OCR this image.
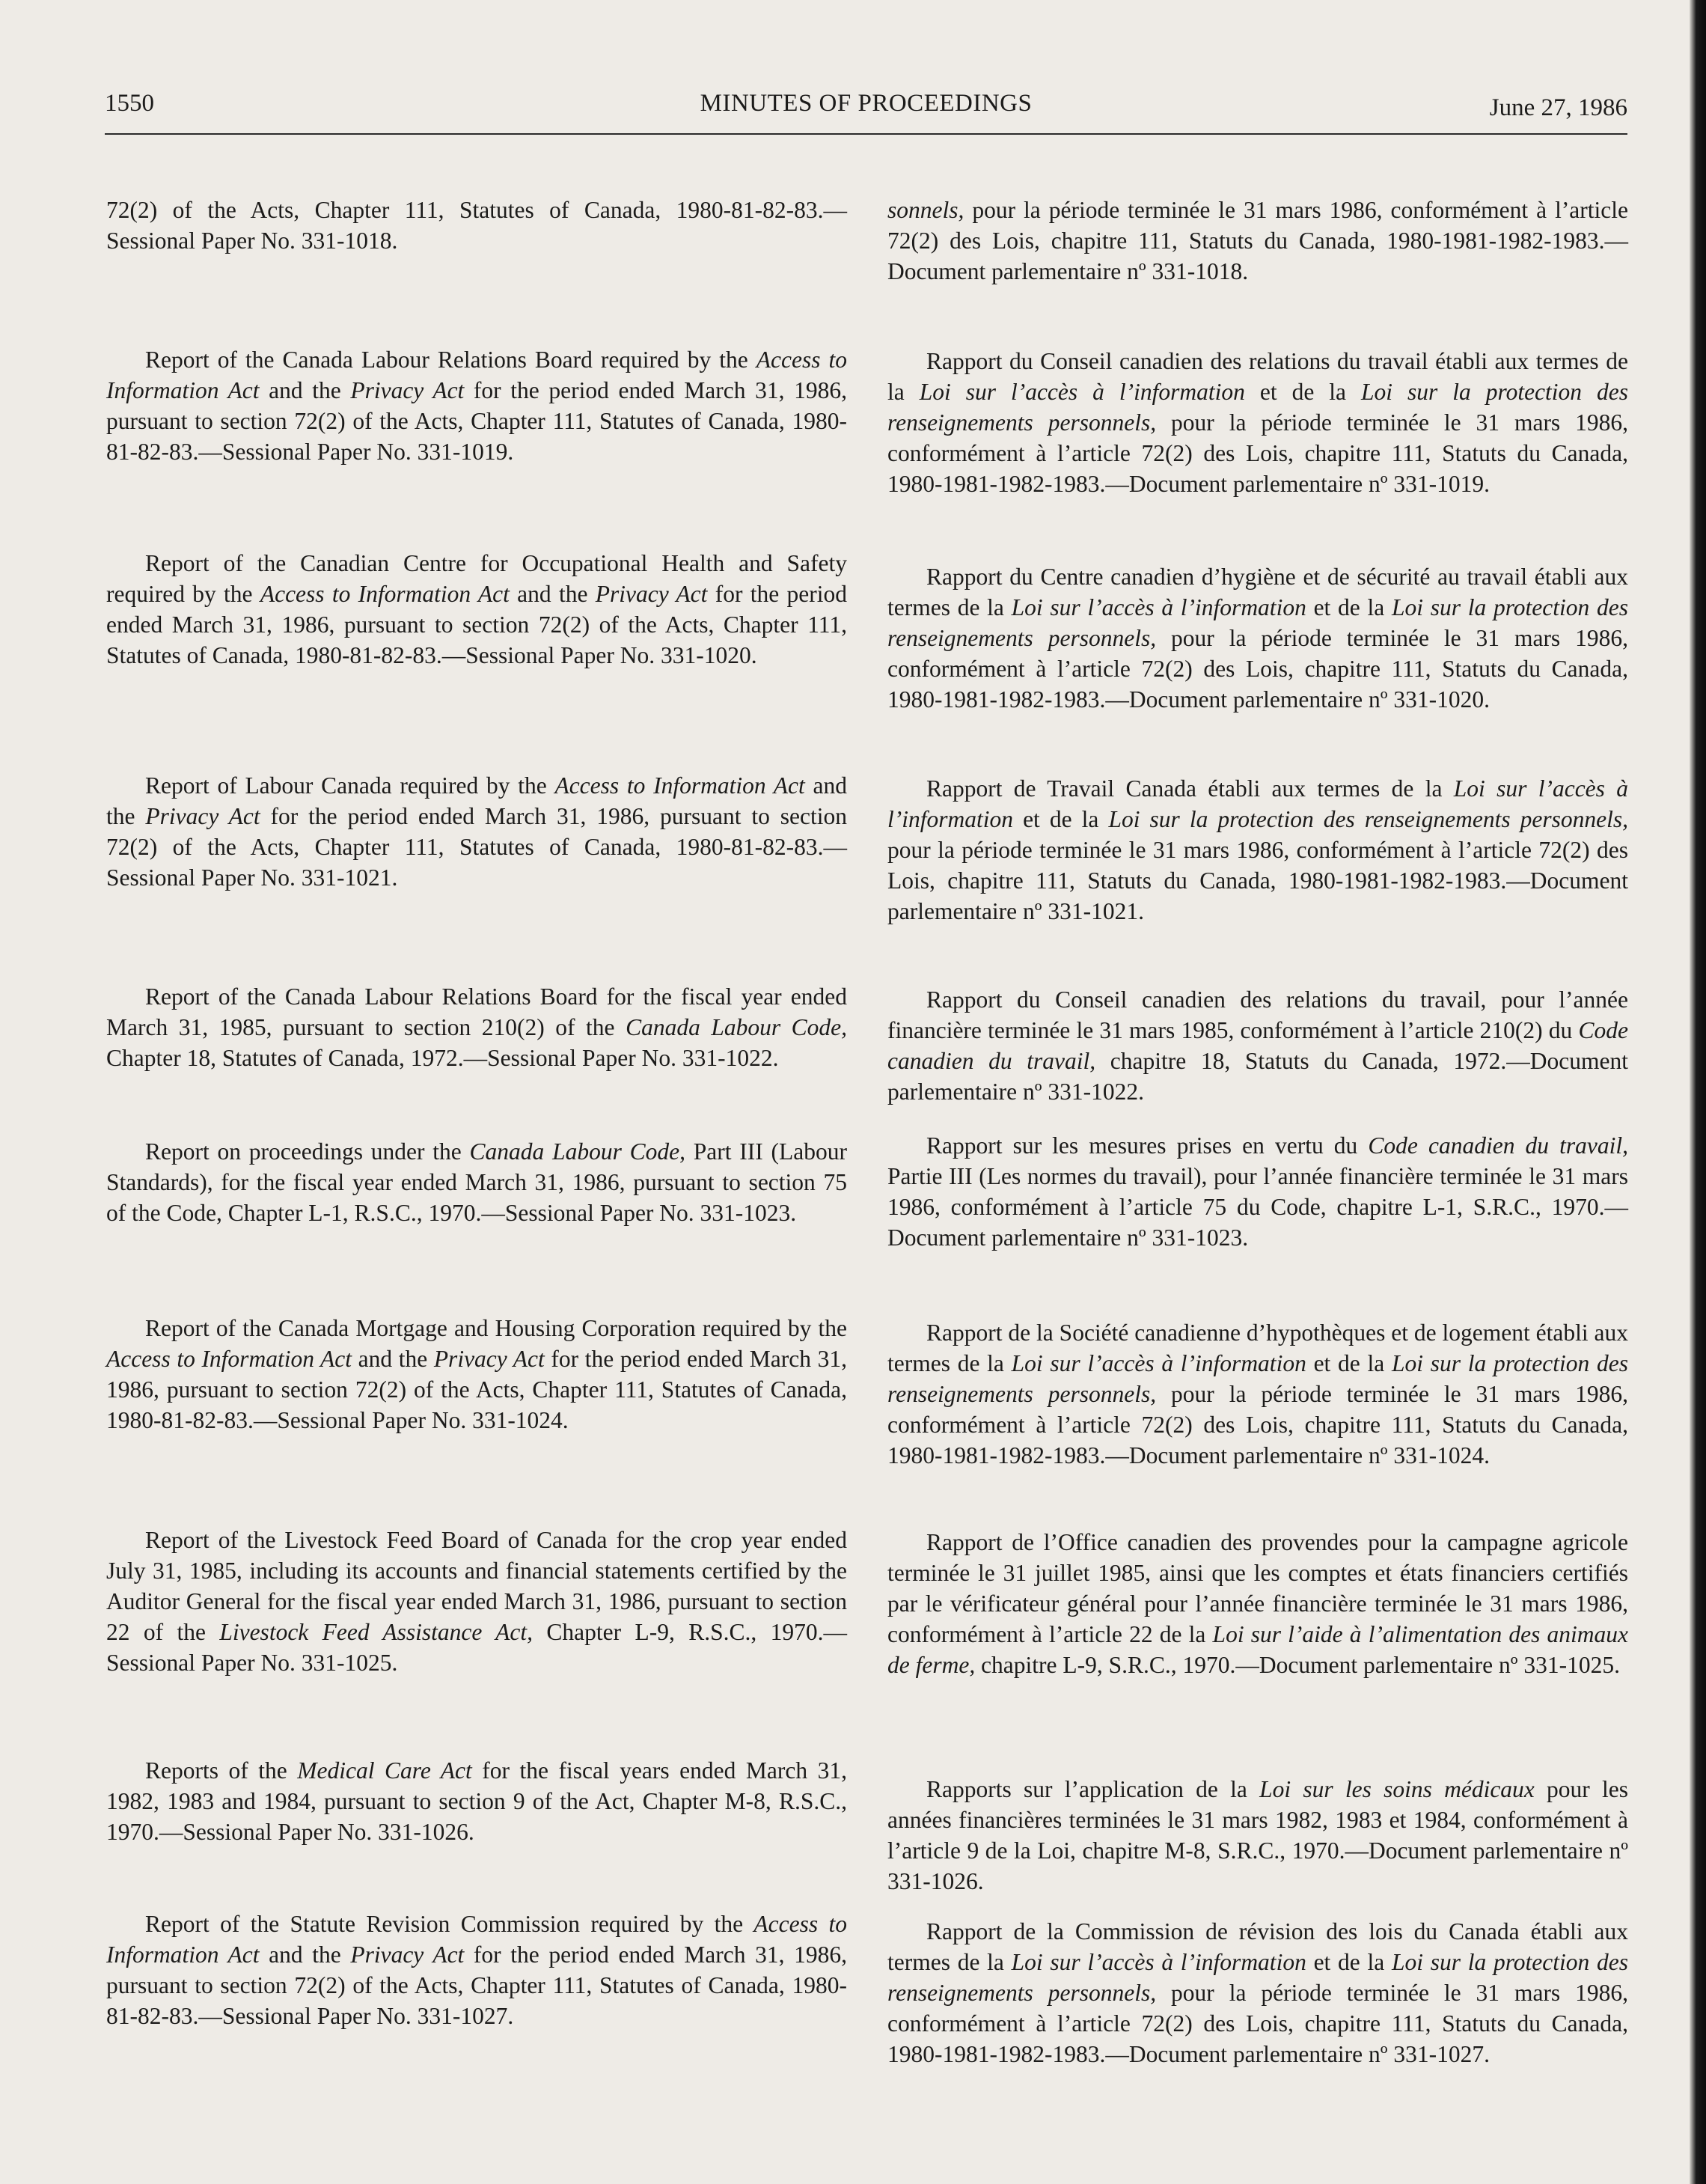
1550	MINUTES OF PROCEEDINGS	June 27, 1986

72(2) of the Acts, Chapter 111, Statutes of Canada, 1980-81-82-83.—Sessional Paper No. 331-1018.

Report of the Canada Labour Relations Board required by the Access to Information Act and the Privacy Act for the period ended March 31, 1986, pursuant to section 72(2) of the Acts, Chapter 111, Statutes of Canada, 1980-81-82-83.—Sessional Paper No. 331-1019.

Report of the Canadian Centre for Occupational Health and Safety required by the Access to Information Act and the Privacy Act for the period ended March 31, 1986, pursuant to section 72(2) of the Acts, Chapter 111, Statutes of Canada, 1980-81-82-83.—Sessional Paper No. 331-1020.

Report of Labour Canada required by the Access to Information Act and the Privacy Act for the period ended March 31, 1986, pursuant to section 72(2) of the Acts, Chapter 111, Statutes of Canada, 1980-81-82-83.—Sessional Paper No. 331-1021.

Report of the Canada Labour Relations Board for the fiscal year ended March 31, 1985, pursuant to section 210(2) of the Canada Labour Code, Chapter 18, Statutes of Canada, 1972.—Sessional Paper No. 331-1022.

Report on proceedings under the Canada Labour Code, Part III (Labour Standards), for the fiscal year ended March 31, 1986, pursuant to section 75 of the Code, Chapter L-1, R.S.C., 1970.—Sessional Paper No. 331-1023.

Report of the Canada Mortgage and Housing Corporation required by the Access to Information Act and the Privacy Act for the period ended March 31, 1986, pursuant to section 72(2) of the Acts, Chapter 111, Statutes of Canada, 1980-81-82-83.—Sessional Paper No. 331-1024.

Report of the Livestock Feed Board of Canada for the crop year ended July 31, 1985, including its accounts and financial statements certified by the Auditor General for the fiscal year ended March 31, 1986, pursuant to section 22 of the Livestock Feed Assistance Act, Chapter L-9, R.S.C., 1970.—Sessional Paper No. 331-1025.

Reports of the Medical Care Act for the fiscal years ended March 31, 1982, 1983 and 1984, pursuant to section 9 of the Act, Chapter M-8, R.S.C., 1970.—Sessional Paper No. 331-1026.

Report of the Statute Revision Commission required by the Access to Information Act and the Privacy Act for the period ended March 31, 1986, pursuant to section 72(2) of the Acts, Chapter 111, Statutes of Canada, 1980-81-82-83.—Sessional Paper No. 331-1027.

sonnels, pour la période terminée le 31 mars 1986, conformément à l’article 72(2) des Lois, chapitre 111, Statuts du Canada, 1980-1981-1982-1983.—Document parlementaire nº 331-1018.

Rapport du Conseil canadien des relations du travail établi aux termes de la Loi sur l’accès à l’information et de la Loi sur la protection des renseignements personnels, pour la période terminée le 31 mars 1986, conformément à l’article 72(2) des Lois, chapitre 111, Statuts du Canada, 1980-1981-1982-1983.—Document parlementaire nº 331-1019.

Rapport du Centre canadien d’hygiène et de sécurité au travail établi aux termes de la Loi sur l’accès à l’information et de la Loi sur la protection des renseignements personnels, pour la période terminée le 31 mars 1986, conformément à l’article 72(2) des Lois, chapitre 111, Statuts du Canada, 1980-1981-1982-1983.—Document parlementaire nº 331-1020.

Rapport de Travail Canada établi aux termes de la Loi sur l’accès à l’information et de la Loi sur la protection des renseignements personnels, pour la période terminée le 31 mars 1986, conformément à l’article 72(2) des Lois, chapitre 111, Statuts du Canada, 1980-1981-1982-1983.—Document parlementaire nº 331-1021.

Rapport du Conseil canadien des relations du travail, pour l’année financière terminée le 31 mars 1985, conformément à l’article 210(2) du Code canadien du travail, chapitre 18, Statuts du Canada, 1972.—Document parlementaire nº 331-1022.

Rapport sur les mesures prises en vertu du Code canadien du travail, Partie III (Les normes du travail), pour l’année financière terminée le 31 mars 1986, conformément à l’article 75 du Code, chapitre L-1, S.R.C., 1970.—Document parlementaire nº 331-1023.

Rapport de la Société canadienne d’hypothèques et de logement établi aux termes de la Loi sur l’accès à l’information et de la Loi sur la protection des renseignements personnels, pour la période terminée le 31 mars 1986, conformément à l’article 72(2) des Lois, chapitre 111, Statuts du Canada, 1980-1981-1982-1983.—Document parlementaire nº 331-1024.

Rapport de l’Office canadien des provendes pour la campagne agricole terminée le 31 juillet 1985, ainsi que les comptes et états financiers certifiés par le vérificateur général pour l’année financière terminée le 31 mars 1986, conformément à l’article 22 de la Loi sur l’aide à l’alimentation des animaux de ferme, chapitre L-9, S.R.C., 1970.—Document parlementaire nº 331-1025.

Rapports sur l’application de la Loi sur les soins médicaux pour les années financières terminées le 31 mars 1982, 1983 et 1984, conformément à l’article 9 de la Loi, chapitre M-8, S.R.C., 1970.—Document parlementaire nº 331-1026.

Rapport de la Commission de révision des lois du Canada établi aux termes de la Loi sur l’accès à l’information et de la Loi sur la protection des renseignements personnels, pour la période terminée le 31 mars 1986, conformément à l’article 72(2) des Lois, chapitre 111, Statuts du Canada, 1980-1981-1982-1983.—Document parlementaire nº 331-1027.
